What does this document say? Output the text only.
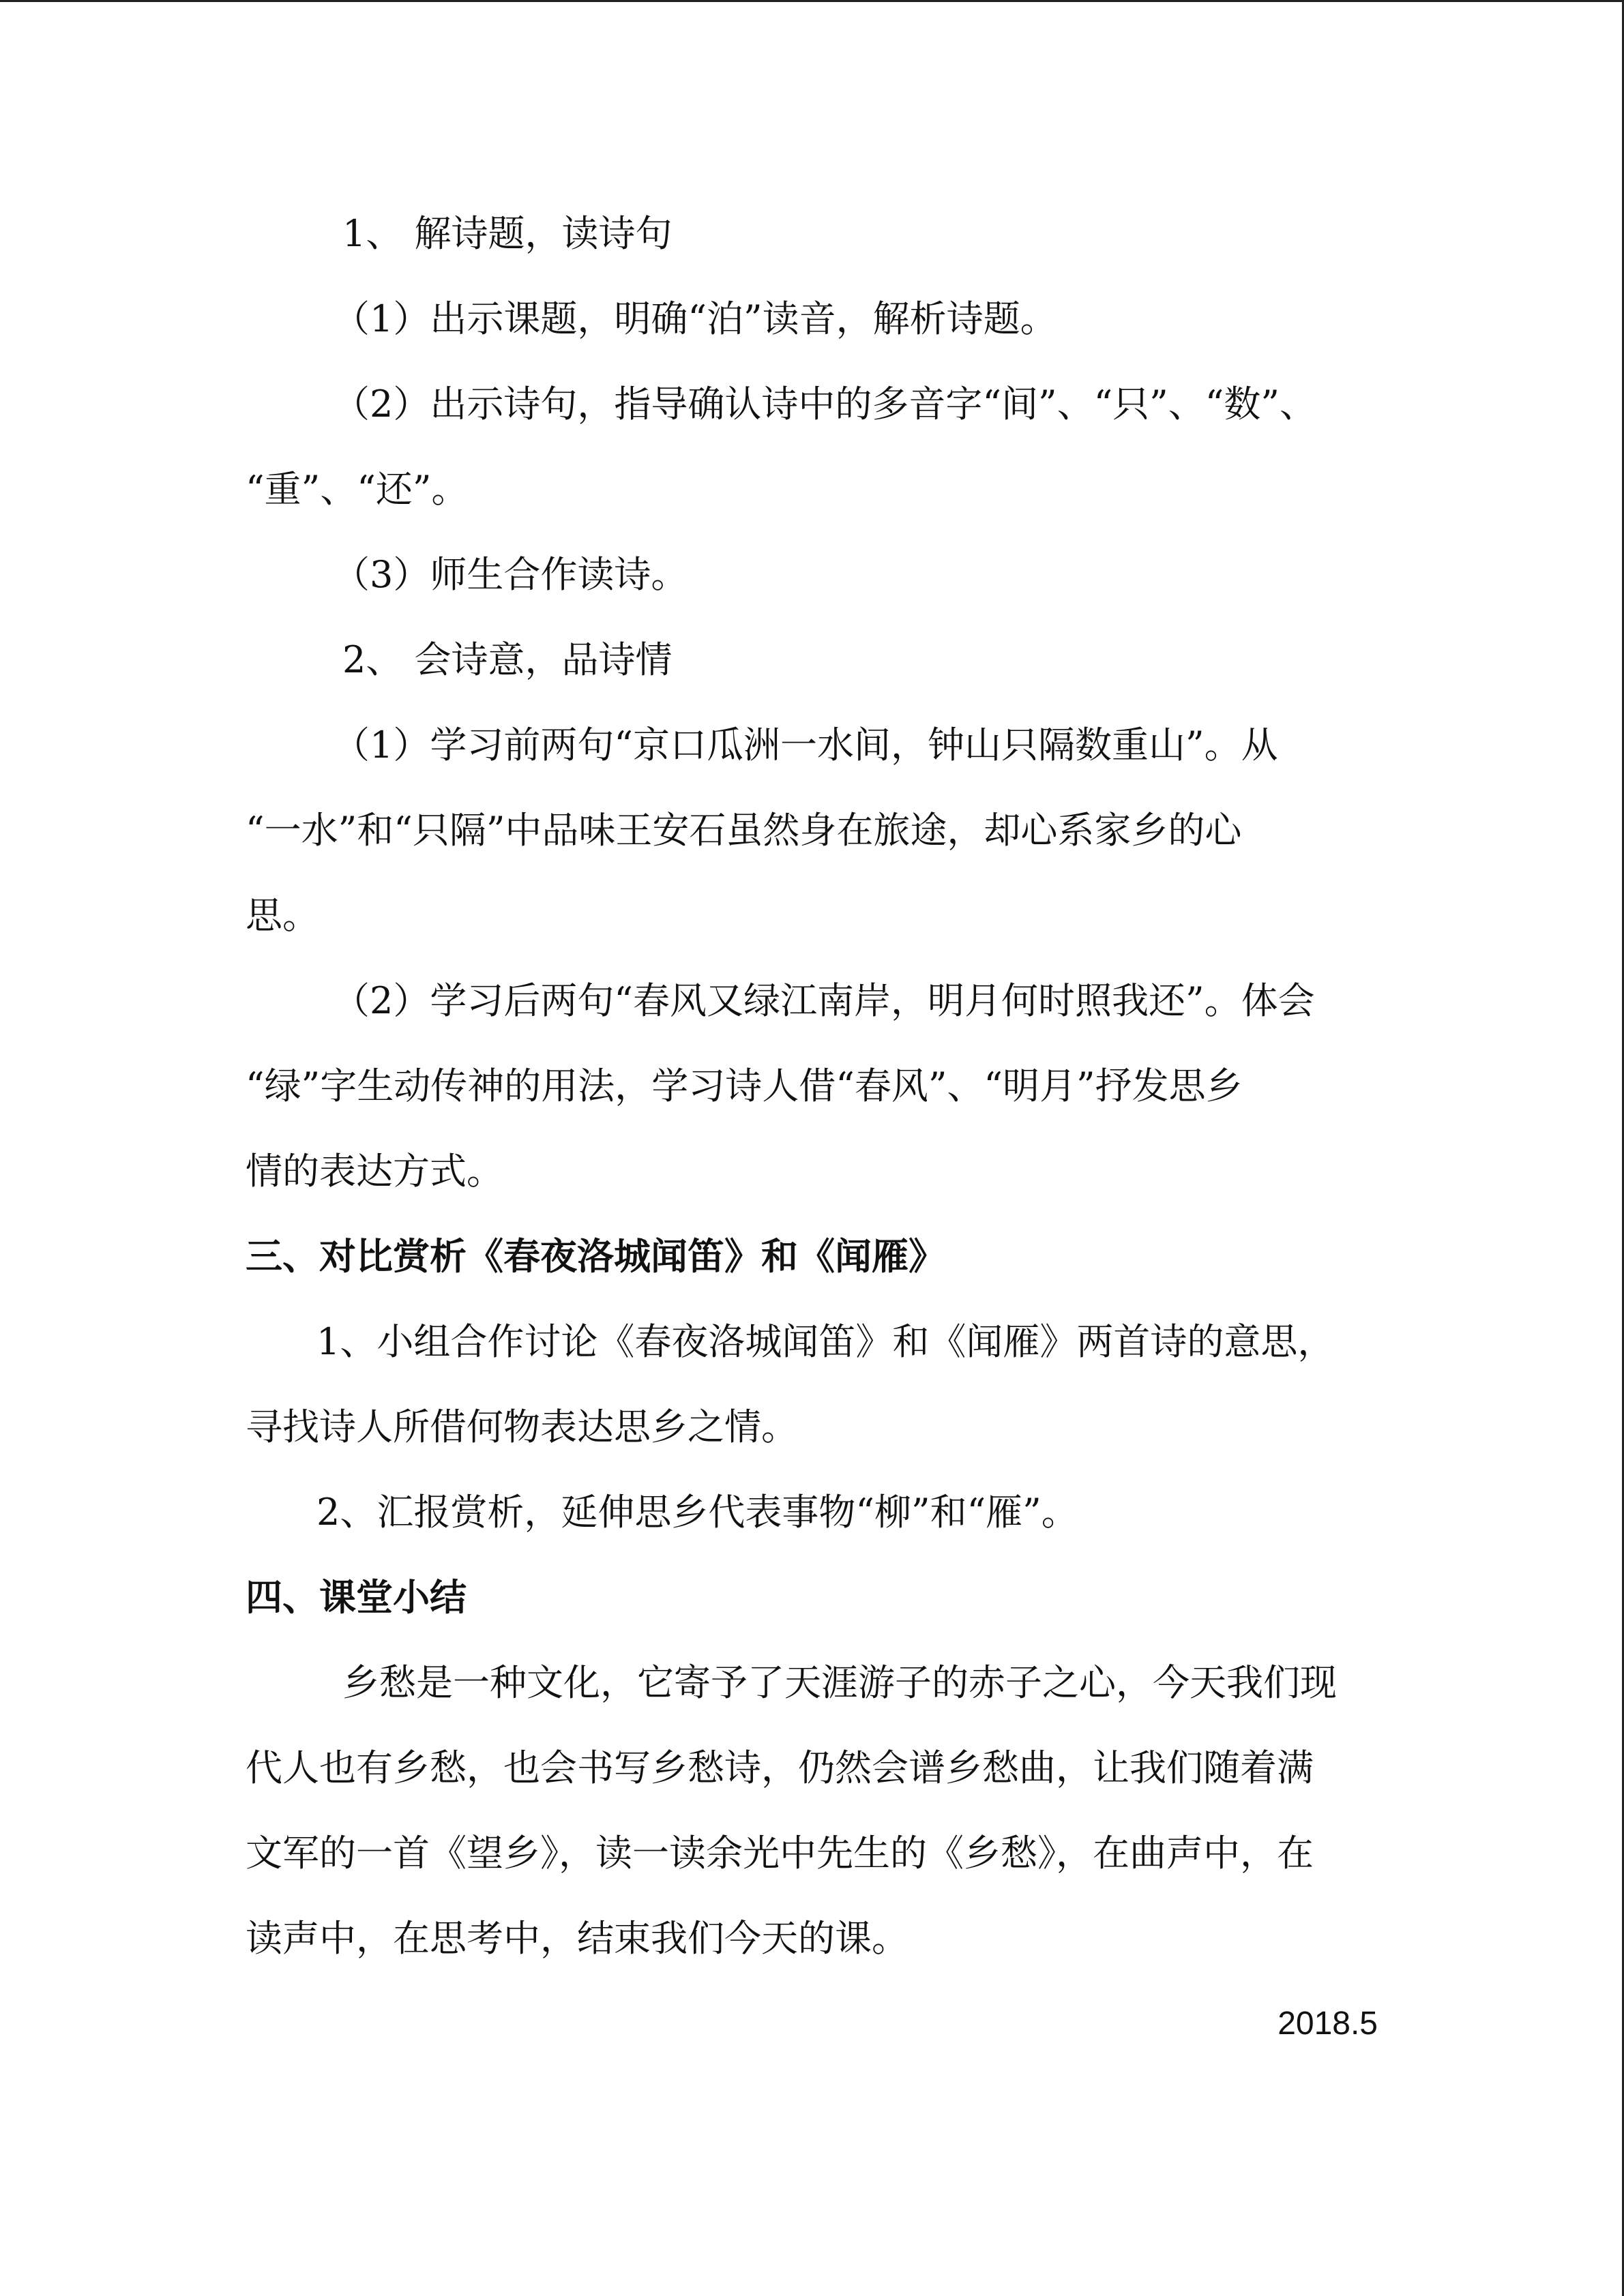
1、 解诗题，读诗句
（1）出示课题，明确“泊”读音，解析诗题。
（2）出示诗句，指导确认诗中的多音字“间”、“只”、“数”、
“重”、“还”。
（3）师生合作读诗。
2、 会诗意，品诗情
（1）学习前两句“京口瓜洲一水间，钟山只隔数重山”。从
“一水”和“只隔”中品味王安石虽然身在旅途，却心系家乡的心
思。
（2）学习后两句“春风又绿江南岸，明月何时照我还”。体会
“绿”字生动传神的用法，学习诗人借“春风”、“明月”抒发思乡
情的表达方式。
三、对比赏析《春夜洛城闻笛》和《闻雁》
1、小组合作讨论《春夜洛城闻笛》和《闻雁》两首诗的意思，
寻找诗人所借何物表达思乡之情。
2、汇报赏析，延伸思乡代表事物“柳”和“雁”。
四、课堂小结
乡愁是一种文化，它寄予了天涯游子的赤子之心，今天我们现
代人也有乡愁，也会书写乡愁诗，仍然会谱乡愁曲，让我们随着满
文军的一首《望乡》，读一读余光中先生的《乡愁》，在曲声中，在
读声中，在思考中，结束我们今天的课。
2018.5
